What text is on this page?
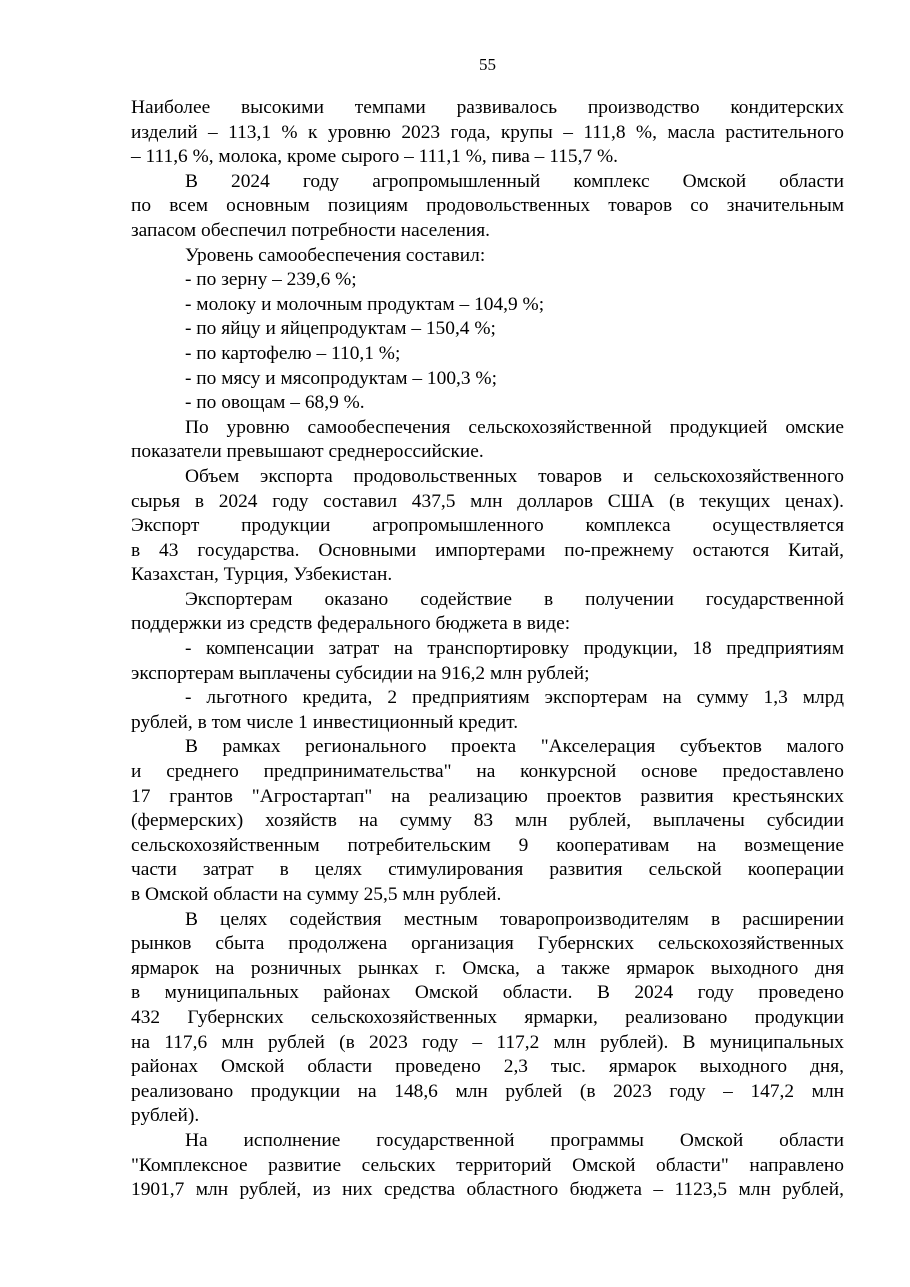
55
Наиболее высокими темпами развивалось производство кондитерских
изделий – 113,1 % к уровню 2023 года, крупы – 111,8 %, масла растительного
– 111,6 %, молока, кроме сырого – 111,1 %, пива – 115,7 %.
В 2024 году агропромышленный комплекс Омской области
по всем основным позициям продовольственных товаров со значительным
запасом обеспечил потребности населения.
Уровень самообеспечения составил:
- по зерну – 239,6 %;
- молоку и молочным продуктам – 104,9 %;
- по яйцу и яйцепродуктам – 150,4 %;
- по картофелю – 110,1 %;
- по мясу и мясопродуктам – 100,3 %;
- по овощам – 68,9 %.
По уровню самообеспечения сельскохозяйственной продукцией омские
показатели превышают среднероссийские.
Объем экспорта продовольственных товаров и сельскохозяйственного
сырья в 2024 году составил 437,5 млн долларов США (в текущих ценах).
Экспорт продукции агропромышленного комплекса осуществляется
в 43 государства. Основными импортерами по-прежнему остаются Китай,
Казахстан, Турция, Узбекистан.
Экспортерам оказано содействие в получении государственной
поддержки из средств федерального бюджета в виде:
- компенсации затрат на транспортировку продукции, 18 предприятиям
экспортерам выплачены субсидии на 916,2 млн рублей;
- льготного кредита, 2 предприятиям экспортерам на сумму 1,3 млрд
рублей, в том числе 1 инвестиционный кредит.
В рамках регионального проекта "Акселерация субъектов малого
и среднего предпринимательства" на конкурсной основе предоставлено
17 грантов "Агростартап" на реализацию проектов развития крестьянских
(фермерских) хозяйств на сумму 83 млн рублей, выплачены субсидии
сельскохозяйственным потребительским 9 кооперативам на возмещение
части затрат в целях стимулирования развития сельской кооперации
в Омской области на сумму 25,5 млн рублей.
В целях содействия местным товаропроизводителям в расширении
рынков сбыта продолжена организация Губернских сельскохозяйственных
ярмарок на розничных рынках г. Омска, а также ярмарок выходного дня
в муниципальных районах Омской области. В 2024 году проведено
432 Губернских сельскохозяйственных ярмарки, реализовано продукции
на 117,6 млн рублей (в 2023 году – 117,2 млн рублей). В муниципальных
районах Омской области проведено 2,3 тыс. ярмарок выходного дня,
реализовано продукции на 148,6 млн рублей (в 2023 году – 147,2 млн
рублей).
На исполнение государственной программы Омской области
"Комплексное развитие сельских территорий Омской области" направлено
1901,7 млн рублей, из них средства областного бюджета – 1123,5 млн рублей,
